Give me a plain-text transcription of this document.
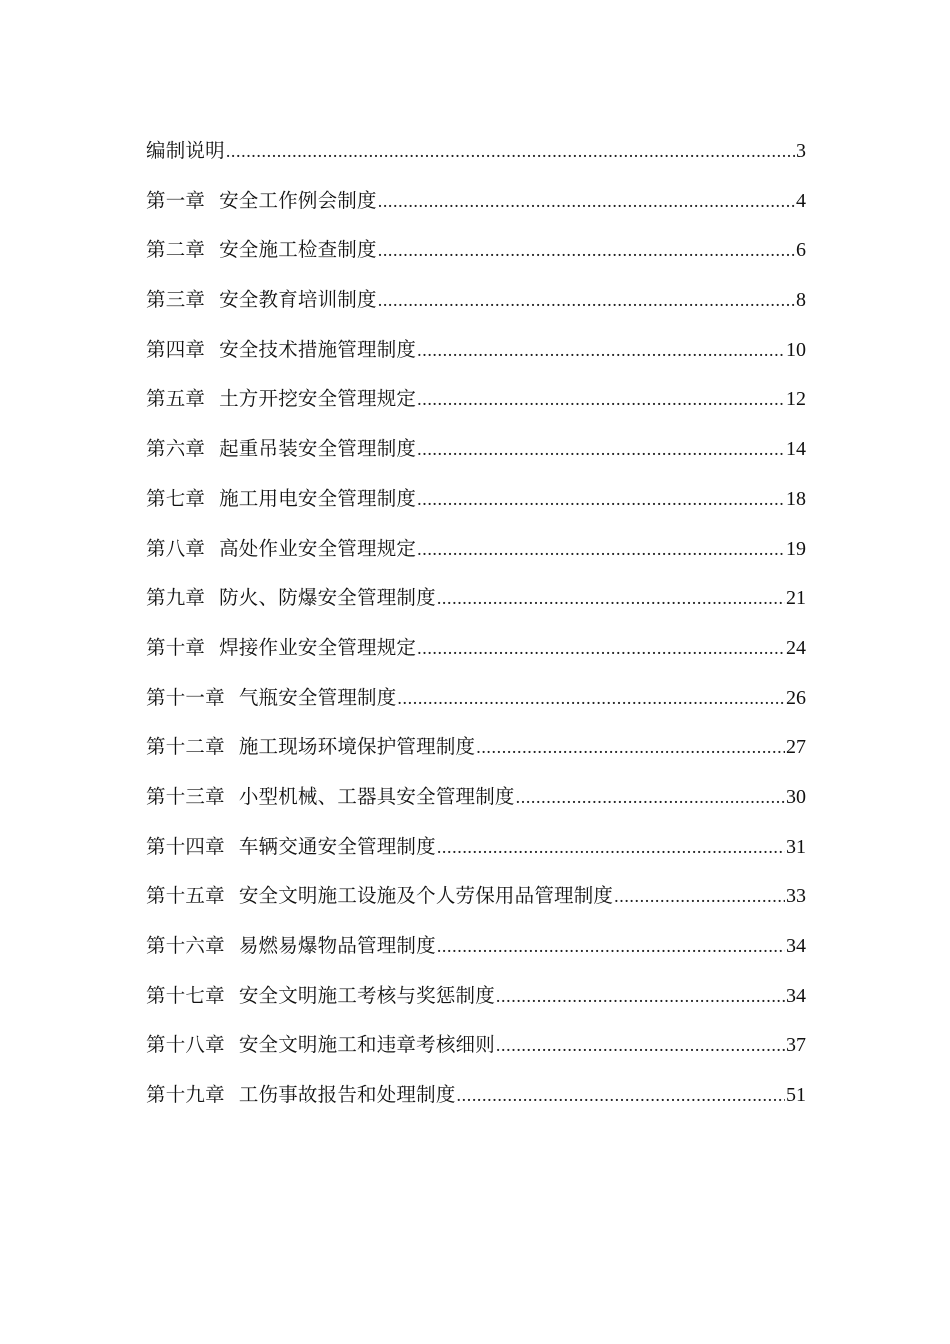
编制说明 .....	3
第一章 安全工作例会制度 .....	4
第二章 安全施工检查制度 .....	6
第三章 安全教育培训制度 .....	8
第四章 安全技术措施管理制度 .....	10
第五章 土方开挖安全管理规定 .....	12
第六章 起重吊装安全管理制度 .....	14
第七章 施工用电安全管理制度 .....	18
第八章 高处作业安全管理规定 .....	19
第九章 防火、防爆安全管理制度 .....	21
第十章 焊接作业安全管理规定 .....	24
第十一章 气瓶安全管理制度 .....	26
第十二章 施工现场环境保护管理制度 .....	27
第十三章 小型机械、工器具安全管理制度 .....	30
第十四章 车辆交通安全管理制度 .....	31
第十五章 安全文明施工设施及个人劳保用品管理制度 .....	33
第十六章 易燃易爆物品管理制度 .....	34
第十七章 安全文明施工考核与奖惩制度 .....	34
第十八章 安全文明施工和违章考核细则 .....	37
第十九章 工伤事故报告和处理制度 .....	51
